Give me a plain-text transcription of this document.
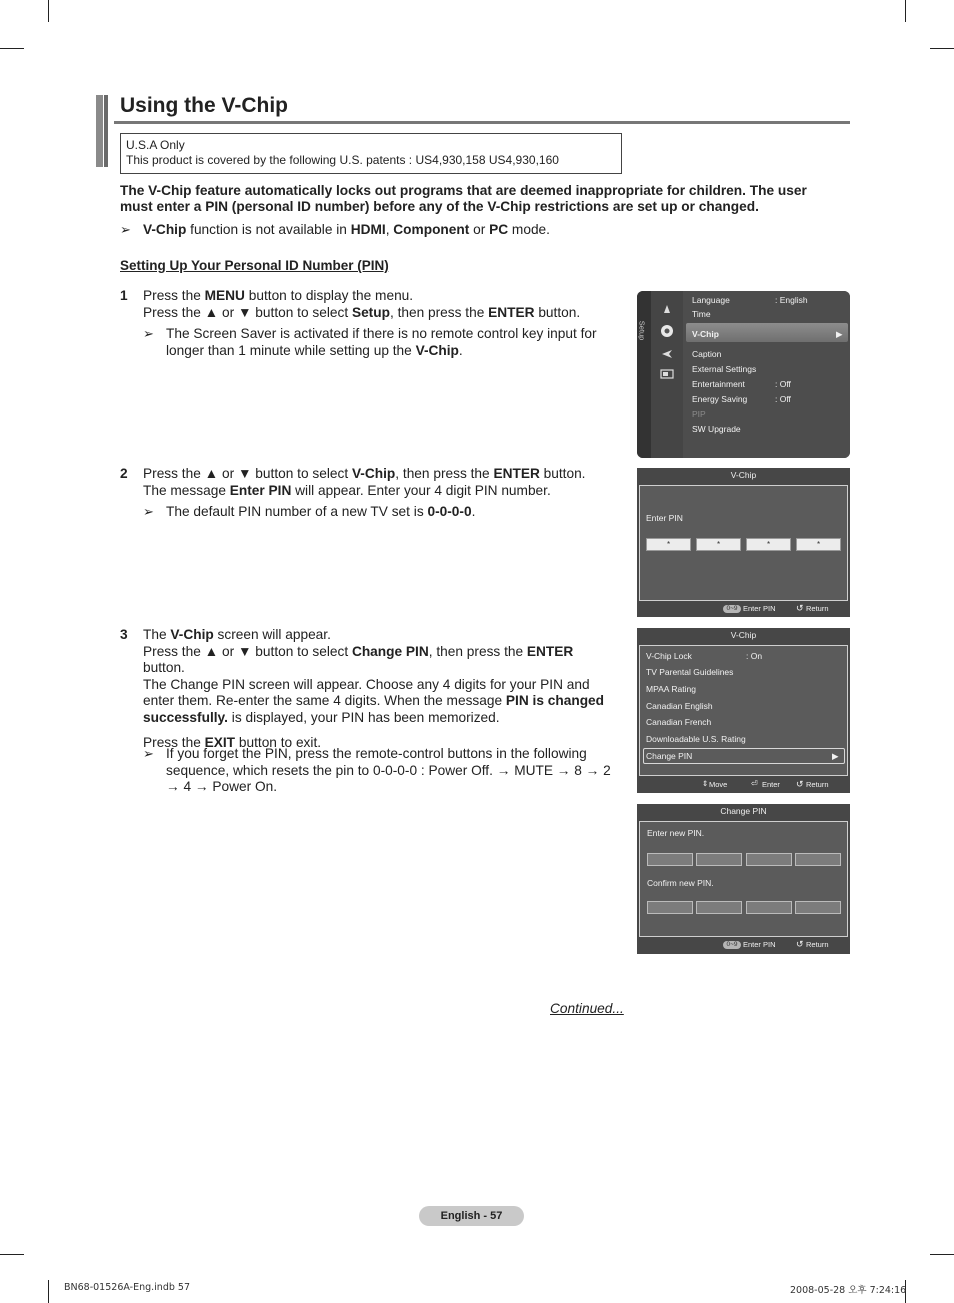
Using the V-Chip
U.S.A Only
This product is covered by the following U.S. patents : US4,930,158 US4,930,160
The V-Chip feature automatically locks out programs that are deemed inappropriate for children. The user must enter a PIN (personal ID number) before any of the V-Chip restrictions are set up or changed.
➢ V-Chip function is not available in HDMI, Component or PC mode.
Setting Up Your Personal ID Number (PIN)
1 Press the MENU button to display the menu.

Press the ▲ or ▼ button to select Setup, then press the ENTER button.

➢ The Screen Saver is activated if there is no remote control key input for longer than 1 minute while setting up the V-Chip.
2 Press the ▲ or ▼ button to select V-Chip, then press the ENTER button.

The message Enter PIN will appear. Enter your 4 digit PIN number.

➢ The default PIN number of a new TV set is 0-0-0-0.
3 The V-Chip screen will appear.

Press the ▲ or ▼ button to select Change PIN, then press the ENTER button.

The Change PIN screen will appear. Choose any 4 digits for your PIN and enter them. Re-enter the same 4 digits. When the message PIN is changed successfully. is displayed, your PIN has been memorized.

Press the EXIT button to exit.

➢ If you forget the PIN, press the remote-control buttons in the following sequence, which resets the pin to 0-0-0-0 : Power Off. → MUTE → 8 → 2 → 4 → Power On.
Continued...
Setup
Language	: English
Time
V-Chip	▶
Caption
External Settings
Entertainment	: Off
Energy Saving	: Off
PIP
SW Upgrade
V-Chip
Enter PIN
*	*	*	*
0~9 Enter PIN ↺ Return
V-Chip
V-Chip Lock	: On
TV Parental Guidelines
MPAA Rating
Canadian English
Canadian French
Downloadable U.S. Rating
Change PIN	▶
⇕ Move	⏎ Enter ↺ Return
Change PIN
Enter new PIN.
Confirm new PIN.
0~9 Enter PIN ↺ Return
English - 57
BN68-01526A-Eng.indb 57	2008-05-28 오후 7:24:16
